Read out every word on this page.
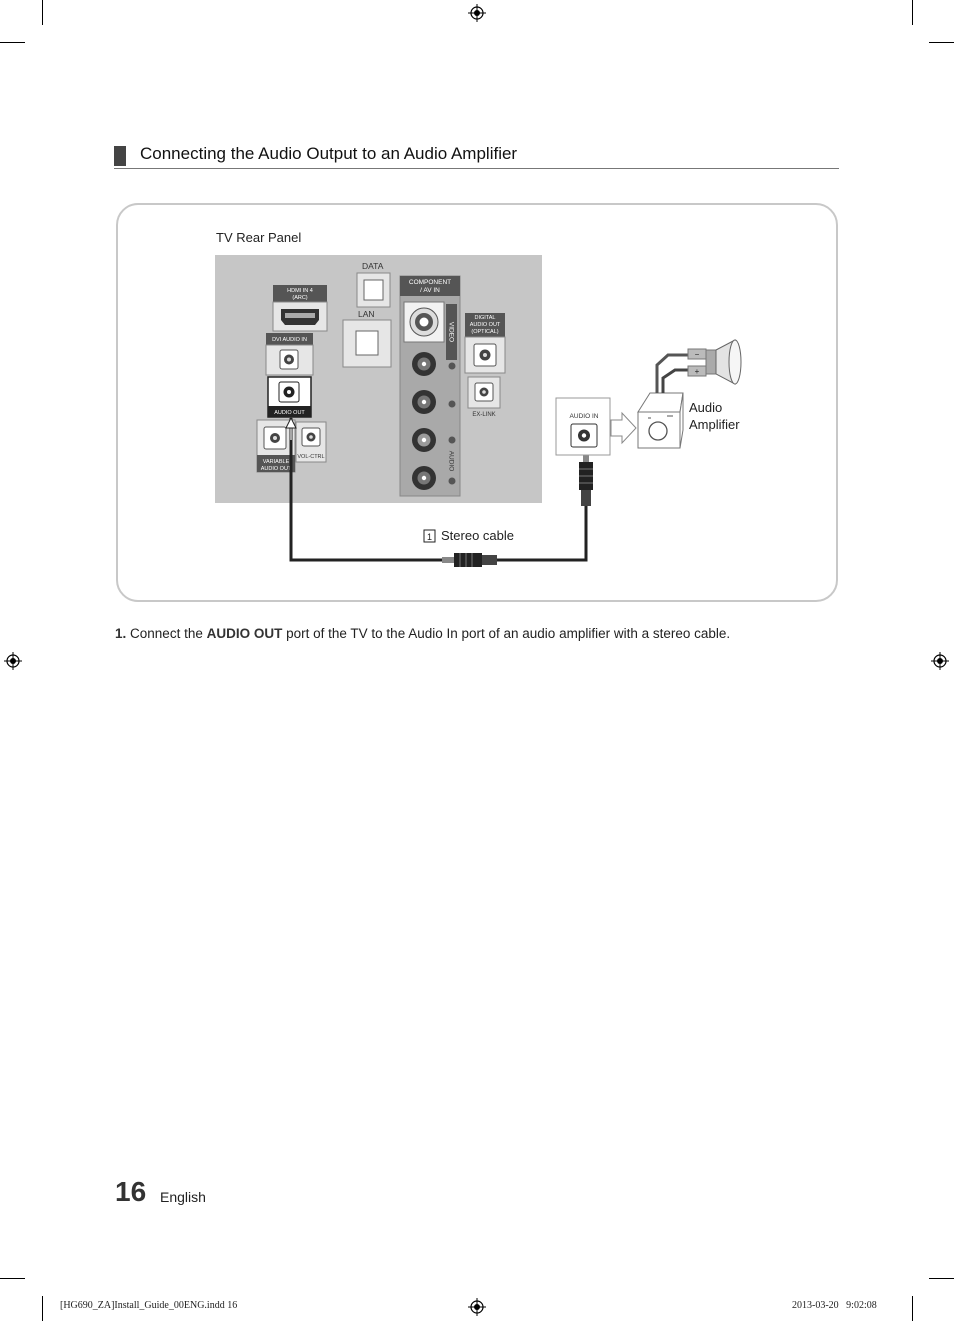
Connecting the Audio Output to an Audio Amplifier
TV Rear Panel
DATA
LAN
HDMI IN 4
(ARC)
DVI AUDIO IN
AUDIO OUT
VARIABLE
AUDIO OUT
VOL-CTRL
COMPONENT
/ AV IN
VIDEO
AUDIO
DIGITAL
AUDIO OUT
(OPTICAL)
EX-LINK	AUDIO IN
−
+
1 Stereo cable
Audio
Amplifier
1. Connect the AUDIO OUT port of the TV to the Audio In port of an audio amplifier with a stereo cable.
16 English
[HG690_ZA]Install_Guide_00ENG.indd 16	2013-03-20   9:02:08
